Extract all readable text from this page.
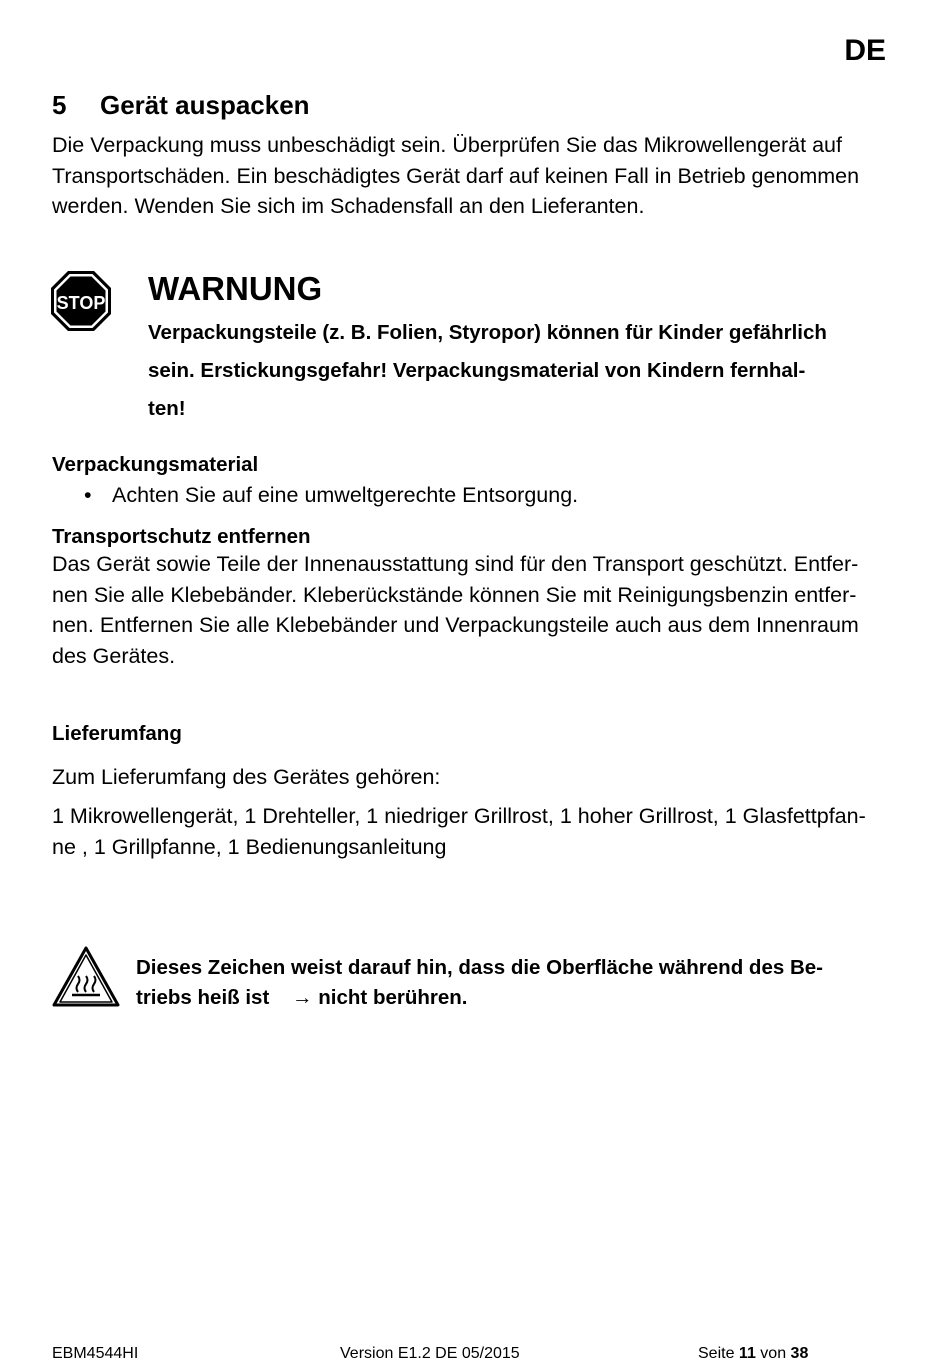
DE
5 Gerät auspacken
Die Verpackung muss unbeschädigt sein. Überprüfen Sie das Mikrowellengerät auf
Transportschäden. Ein beschädigtes Gerät darf auf keinen Fall in Betrieb genommen
werden. Wenden Sie sich im Schadensfall an den Lieferanten.
STOP WARNUNG
Verpackungsteile (z. B. Folien, Styropor) können für Kinder gefährlich
sein. Erstickungsgefahr! Verpackungsmaterial von Kindern fernhal-
ten!
Verpackungsmaterial
• Achten Sie auf eine umweltgerechte Entsorgung.
Transportschutz entfernen
Das Gerät sowie Teile der Innenausstattung sind für den Transport geschützt. Entfer-
nen Sie alle Klebebänder. Kleberückstände können Sie mit Reinigungsbenzin entfer-
nen. Entfernen Sie alle Klebebänder und Verpackungsteile auch aus dem Innenraum
des Gerätes.
Lieferumfang
Zum Lieferumfang des Gerätes gehören:
1 Mikrowellengerät, 1 Drehteller, 1 niedriger Grillrost, 1 hoher Grillrost, 1 Glasfettpfan-
ne , 1 Grillpfanne, 1 Bedienungsanleitung
Dieses Zeichen weist darauf hin, dass die Oberfläche während des Be-
triebs heiß ist → nicht berühren.
EBM4544HI	Version E1.2 DE 05/2015	Seite 11 von 38
